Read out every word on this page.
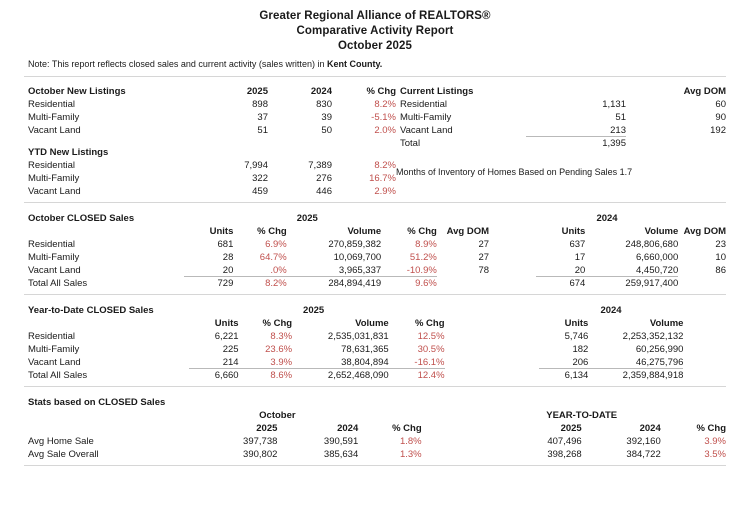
Greater Regional Alliance of REALTORS®
Comparative Activity Report
October 2025
Note: This report reflects closed sales and current activity (sales written) in Kent County.
October New Listings	2025	2024	% Chg
Residential	898	830	8.2%
Multi-Family	37	39	-5.1%
Vacant Land	51	50	2.0%

YTD New Listings			
Residential	7,994	7,389	8.2%
Multi-Family	322	276	16.7%
Vacant Land	459	446	2.9%
Current Listings		Avg DOM
Residential	1,131	60
Multi-Family	51	90
Vacant Land	213	192
Total	1,395	
Months of Inventory of Homes Based on Pending Sales 1.7
October CLOSED Sales		2025					2024		
	Units	% Chg	Volume	% Chg	Avg DOM		Units	Volume	Avg DOM
Residential	681	6.9%	270,859,382	8.9%	27		637	248,806,680	23
Multi-Family	28	64.7%	10,069,700	51.2%	27		17	6,660,000	10
Vacant Land	20	.0%	3,965,337	-10.9%	78		20	4,450,720	86
Total All Sales	729	8.2%	284,894,419	9.6%			674	259,917,400	
Year-to-Date CLOSED Sales		2025					2024		
	Units	% Chg	Volume	% Chg			Units	Volume	
Residential	6,221	8.3%	2,535,031,831	12.5%			5,746	2,253,352,132	
Multi-Family	225	23.6%	78,631,365	30.5%			182	60,256,990	
Vacant Land	214	3.9%	38,804,894	-16.1%			206	46,275,796	
Total All Sales	6,660	8.6%	2,652,468,090	12.4%			6,134	2,359,884,918	
Stats based on CLOSED Sales							
	October				YEAR-TO-DATE		
	2025	2024	% Chg		2025	2024	% Chg
Avg Home Sale	397,738	390,591	1.8%		407,496	392,160	3.9%
Avg Sale Overall	390,802	385,634	1.3%		398,268	384,722	3.5%
